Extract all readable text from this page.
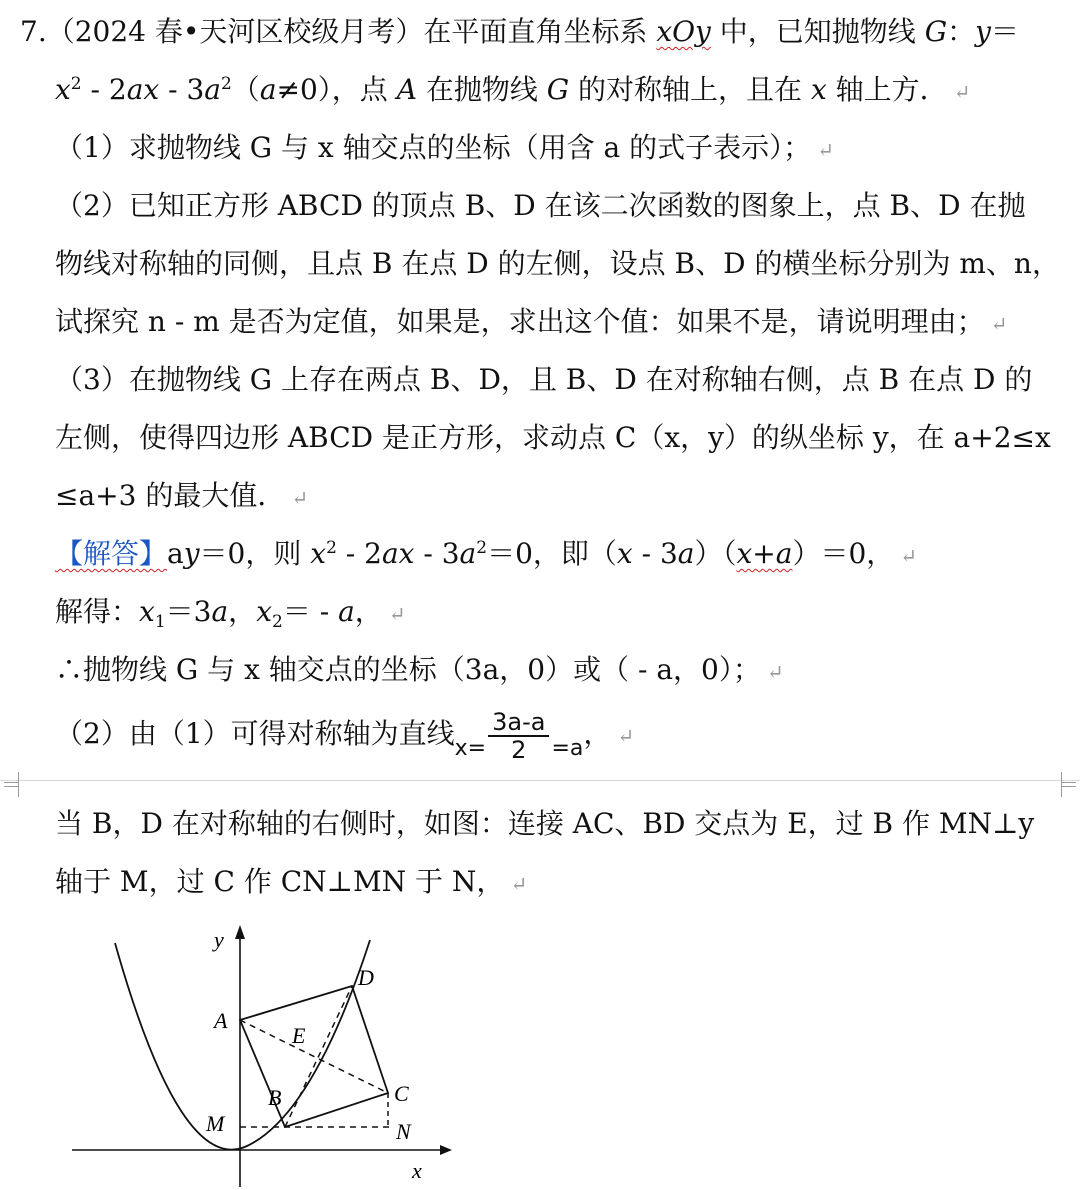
7.（2024 春•天河区校级月考）在平面直角坐标系 xOy 中，已知抛物线 G：y＝
$x^2$ ‑ 2ax ‑ $3a^2(a\ne 0)$，点 A 在抛物线 G 的对称轴上，且在 x 轴上方． ↵
（1）求抛物线 G 与 x 轴交点的坐标（用含 a 的式子表示）； ↵
（2）已知正方形 ABCD 的顶点 B、D 在该二次函数的图象上，点 B、D 在抛
物线对称轴的同侧，且点 B 在点 D 的左侧，设点 B、D 的横坐标分别为 m、n，
试探究 n ‑ m 是否为定值，如果是，求出这个值：如果不是，请说明理由； ↵
（3）在抛物线 G 上存在两点 B、D，且 B、D 在对称轴右侧，点 B 在点 D 的
左侧，使得四边形 ABCD 是正方形，求动点 C（x，y）的纵坐标 y，在 a+2≤x
≤a+3 的最大值． ↵
【解答】ay＝0，则 $x^2$ ‑ 2ax ‑ $3a^2=0$，即（x ‑ 3a）（x+a）＝0， ↵
解得：$x_1=3a$，$x_2=$ ‑ a， ↵
∴抛物线 G 与 x 轴交点的坐标（3a，0）或（ ‑ a，0）； ↵
（2）由（1）可得对称轴为直线$_{x=} \frac{3a-a}{2} _{=a}$， ↵
当 B，D 在对称轴的右侧时，如图：连接 AC、BD 交点为 E，过 B 作 MN⊥y
轴于 M，过 C 作 CN⊥MN 于 N， ↵
y
x
A
D
E
B	C
M	N
